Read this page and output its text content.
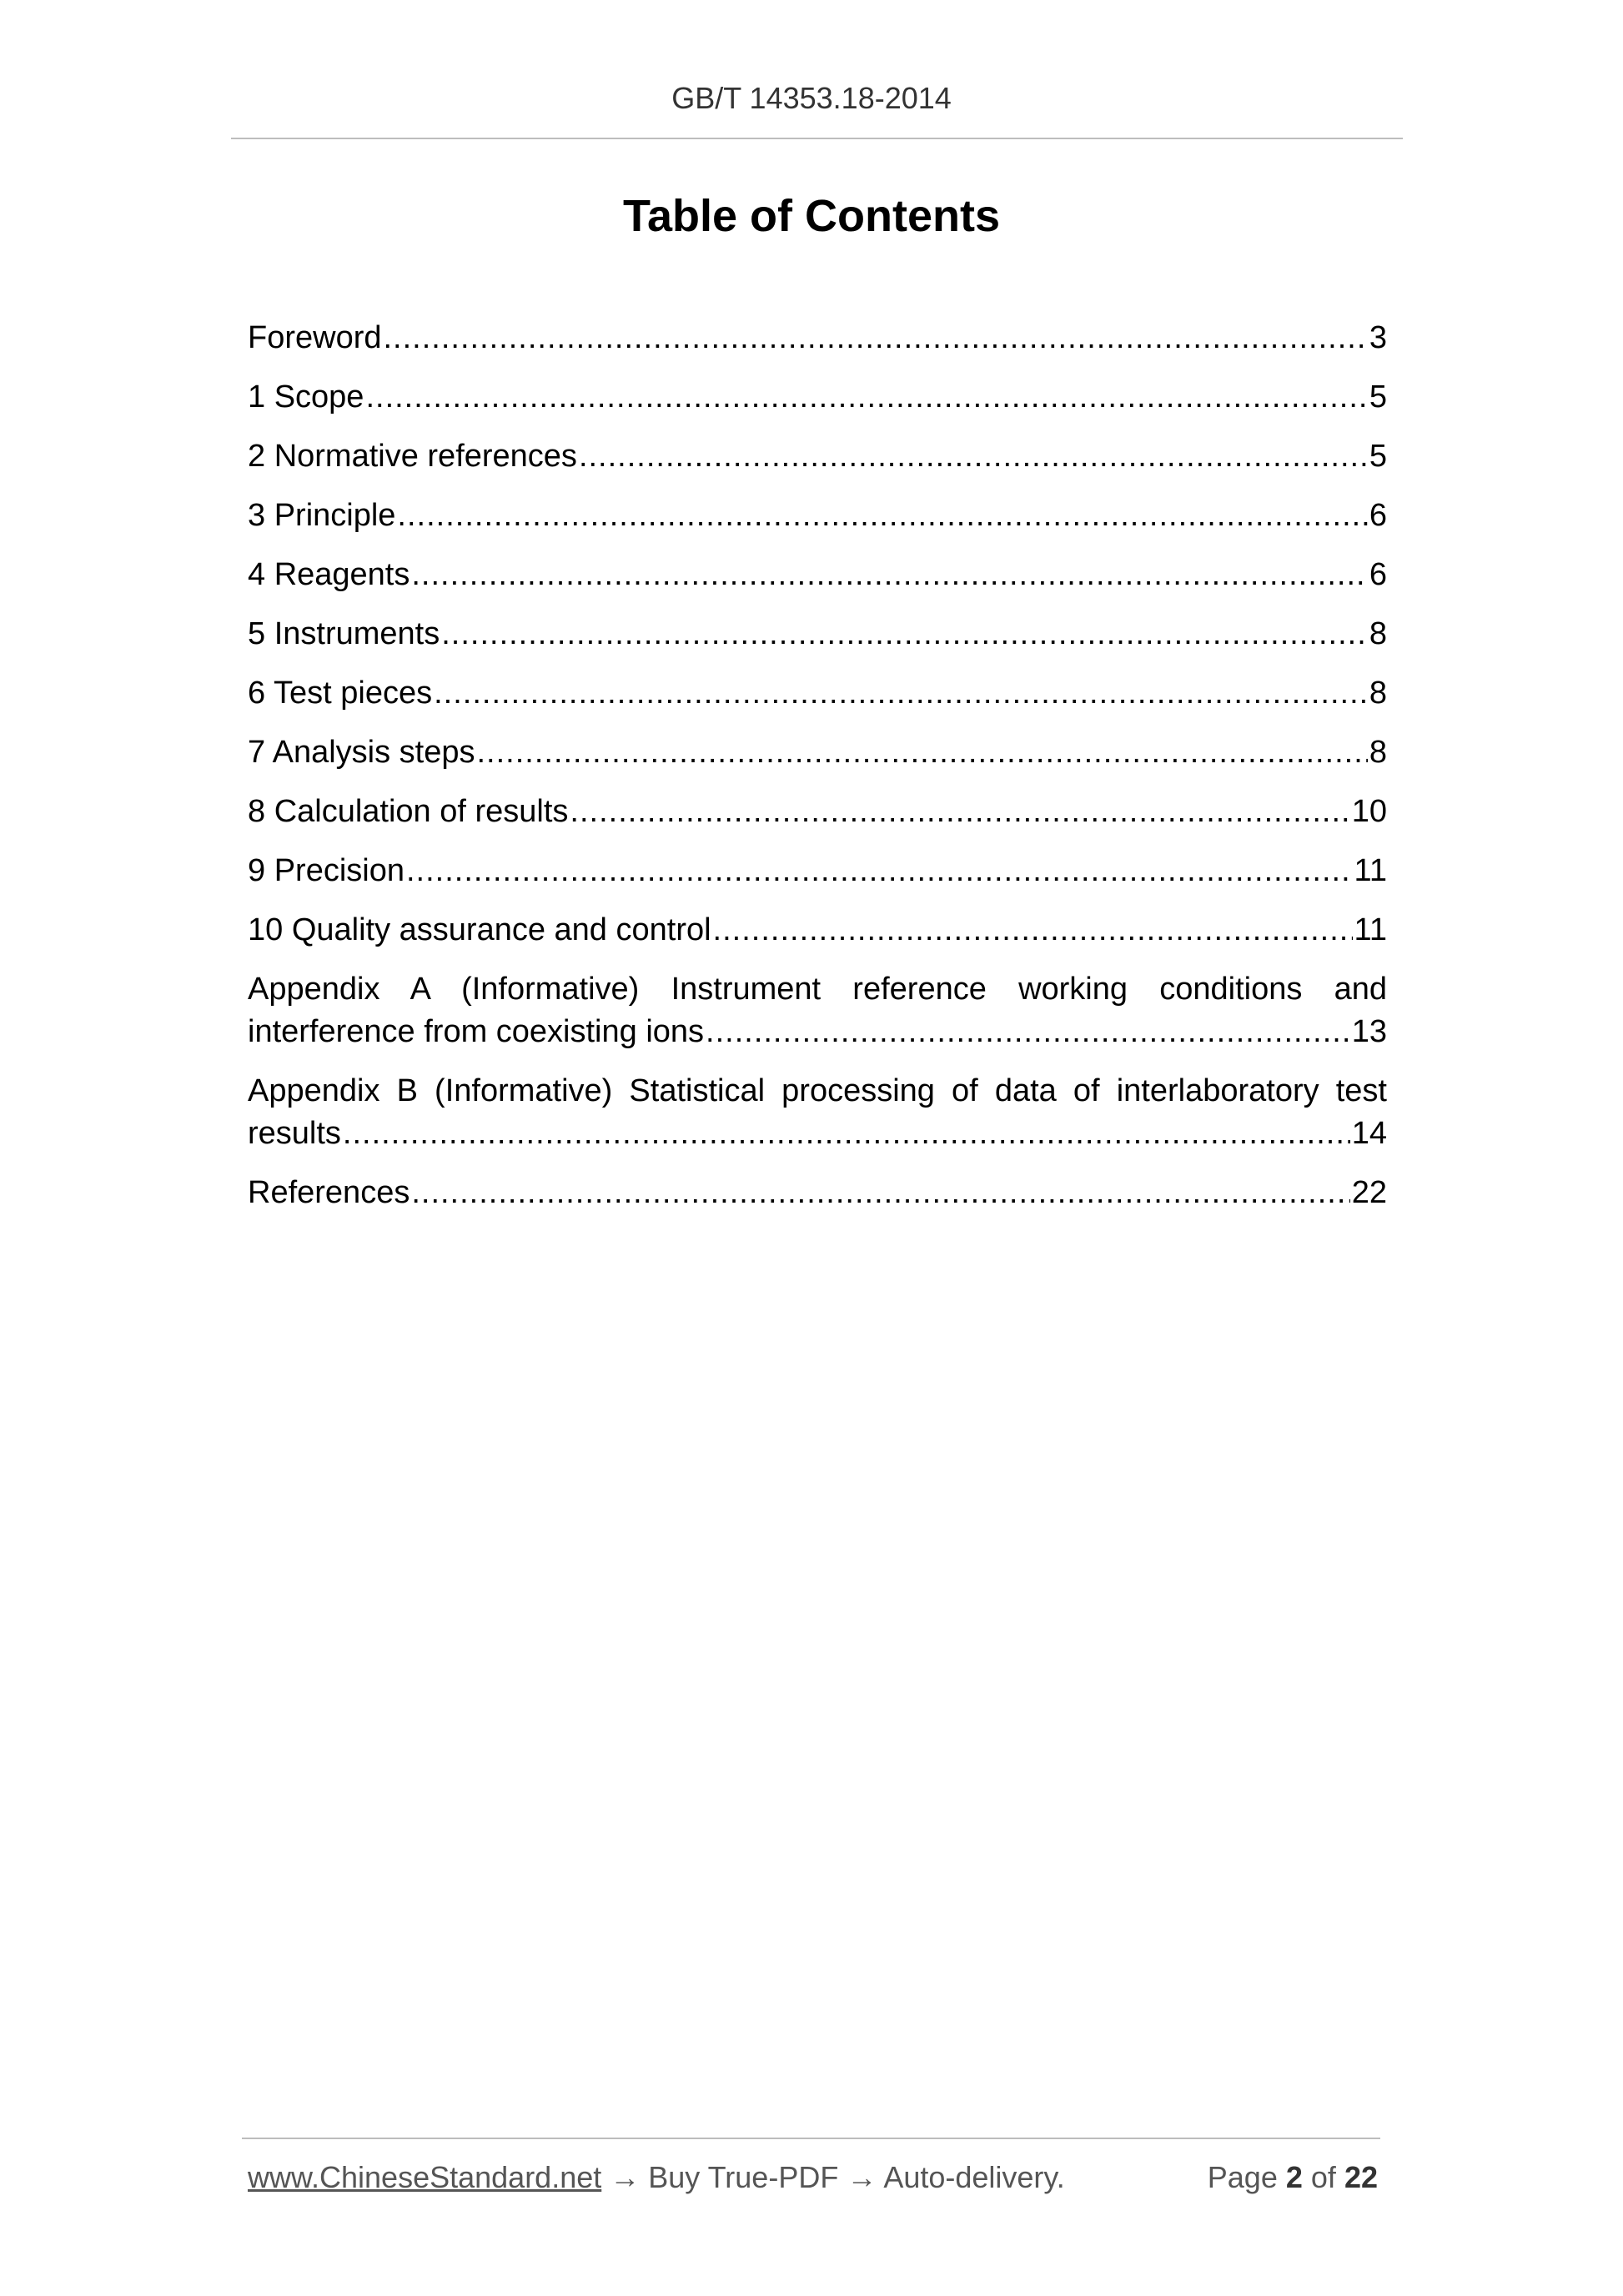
GB/T 14353.18-2014
Table of Contents
Foreword .....	3
1 Scope .....	5
2 Normative references .....	5
3 Principle .....	6
4 Reagents .....	6
5 Instruments .....	8
6 Test pieces .....	8
7 Analysis steps .....	8
8 Calculation of results .....	10
9 Precision .....	11
10 Quality assurance and control .....	11
Appendix A (Informative) Instrument reference working conditions and
interference from coexisting ions .....	13
Appendix B (Informative) Statistical processing of data of interlaboratory test
results .....	14
References .....	22
www.ChineseStandard.net → Buy True-PDF → Auto-delivery.	Page 2 of 22
